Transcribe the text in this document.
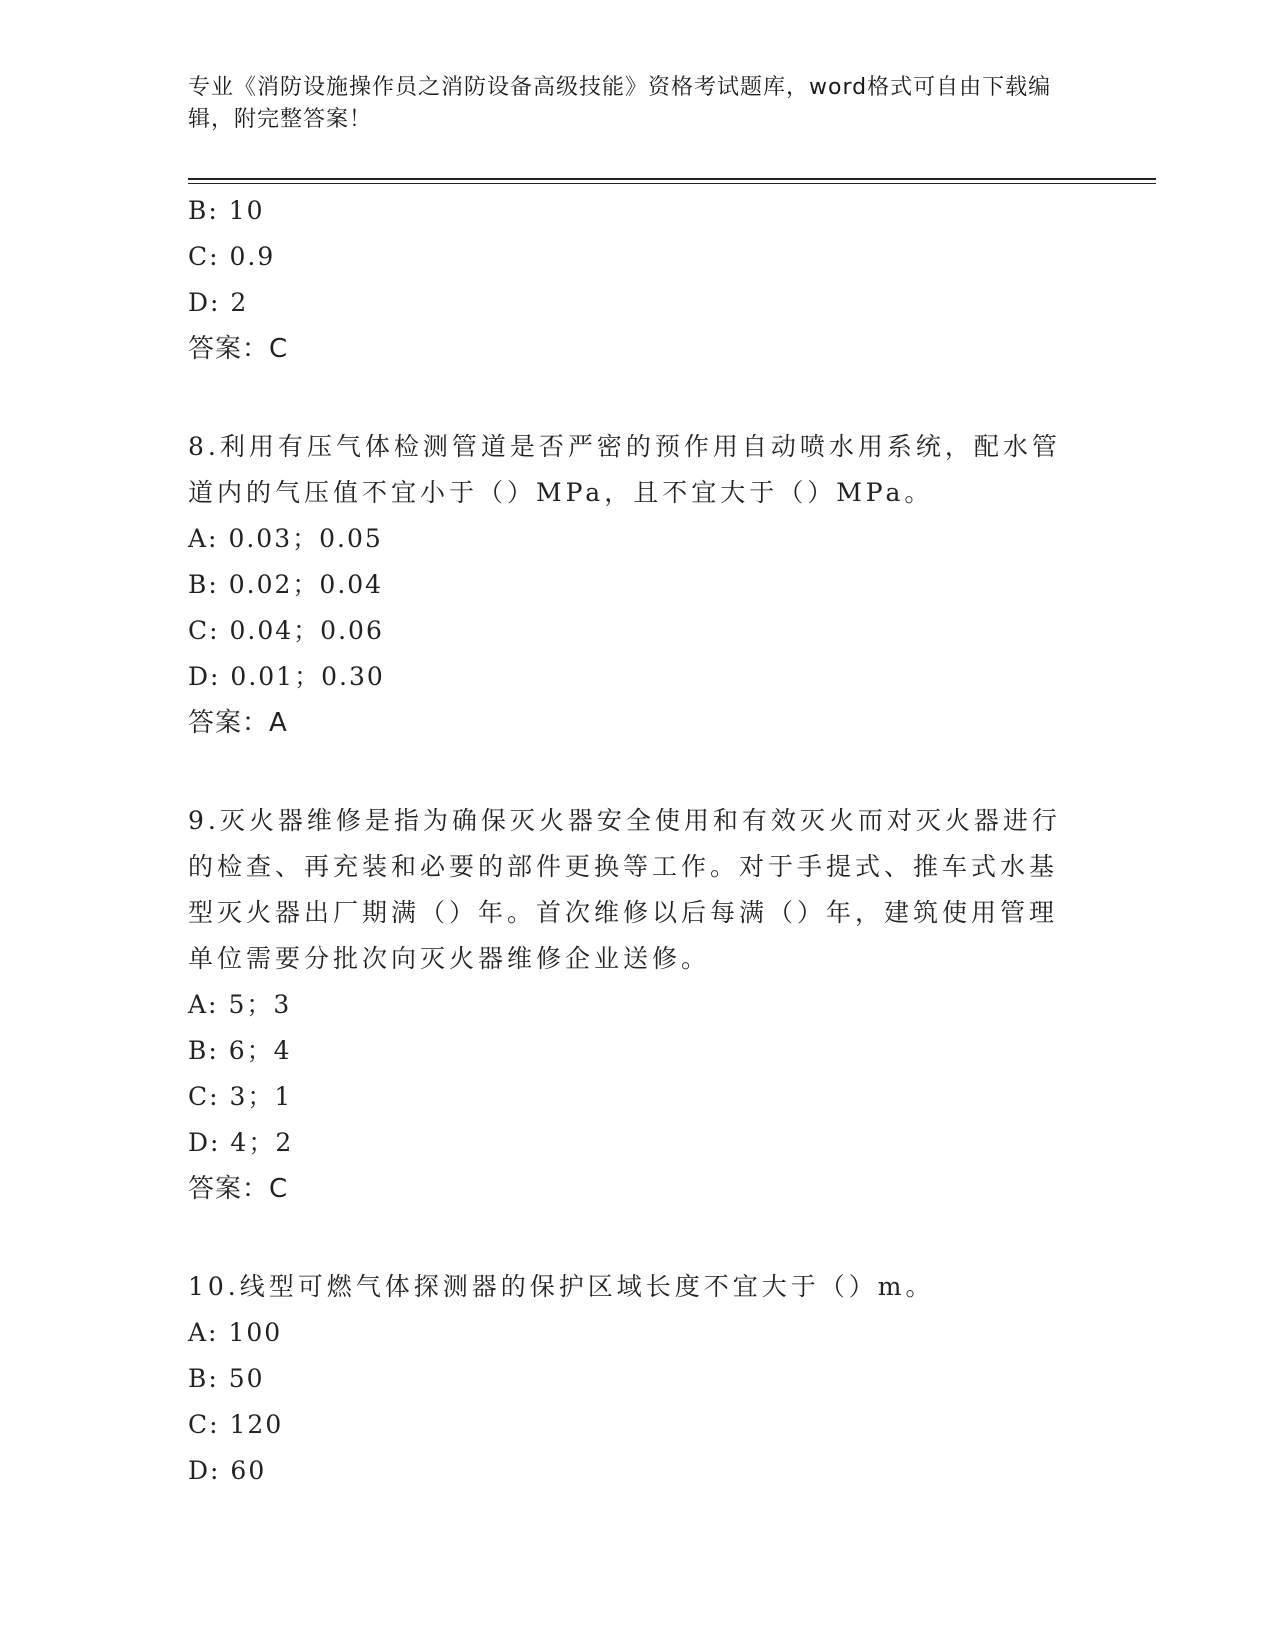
专业《消防设施操作员之消防设备高级技能》资格考试题库，word格式可自由下载编辑，附完整答案！
B: 10
C: 0.9
D: 2
答案：C
8.利用有压气体检测管道是否严密的预作用自动喷水用系统，配水管道内的气压值不宜小于（）MPa，且不宜大于（）MPa。
A: 0.03；0.05
B: 0.02；0.04
C: 0.04；0.06
D: 0.01；0.30
答案：A
9.灭火器维修是指为确保灭火器安全使用和有效灭火而对灭火器进行的检查、再充装和必要的部件更换等工作。对于手提式、推车式水基型灭火器出厂期满（）年。首次维修以后每满（）年，建筑使用管理单位需要分批次向灭火器维修企业送修。
A: 5；3
B: 6；4
C: 3；1
D: 4；2
答案：C
10.线型可燃气体探测器的保护区域长度不宜大于（）m。
A: 100
B: 50
C: 120
D: 60
